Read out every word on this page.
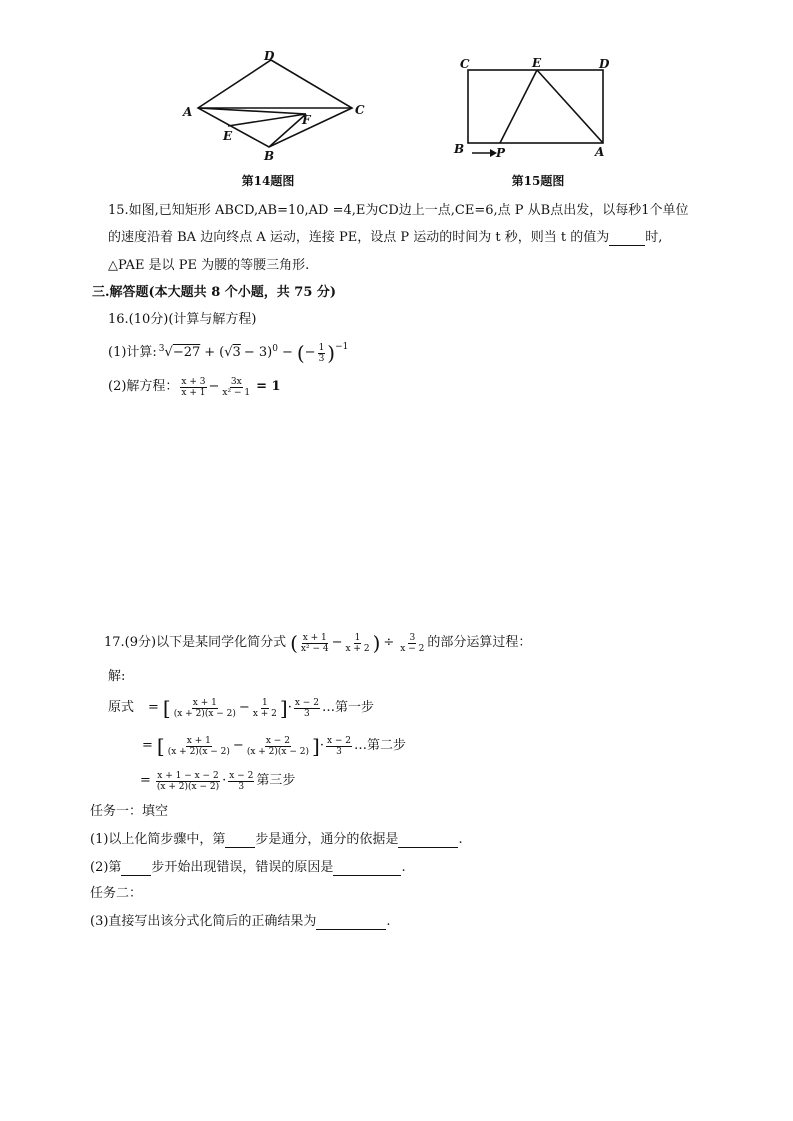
D
A	C
E
F
B
第14题图
C	E	D
B	P	A
第15题图
15.如图,已知矩形 ABCD,AB=10,AD =4,E为CD边上一点,CE=6,点 P 从B点出发，以每秒1个单位
的速度沿着 BA 边向终点 A 运动，连接 PE，设点 P 运动的时间为 t 秒，则当 t 的值为	时,
△PAE 是以 PE 为腰的等腰三角形.
三.解答题(本大题共 8 个小题，共 75 分)
16.(10分)(计算与解方程)
(1)计算:$^3$ √ −27 + ( √ 3 − 3)$^0$ − ( − $\frac{1}{3} )^{-1}$
(2)解方程： $\frac{x + 3}{x + 1} - \frac{3x}{\text{x² − 1}} = 1$
17.(9分)以下是某同学化简分式 ( $\frac{x + 1}{\text{x² − 4}} - \frac{1}{x + 2}$ ) ÷ $\frac{3}{x - 2}$ 的部分运算过程：
解:
原式 = [ $\frac{x + 1}{(x + 2)(x - 2)} - \frac{1}{x + 2}$ ] · $\frac{x - 2}{3}$ …第一步
= [ $\frac{x + 1}{(x + 2)(x - 2)} - \frac{x - 2}{(x + 2)(x - 2)}$ ] · $\frac{x - 2}{3}$ …第二步
= $\frac{x + 1 - x - 2}{(x + 2)(x - 2)} \cdot \frac{x - 2}{3}$ 第三步
任务一：填空
(1)以上化简步骤中，第 步是通分，通分的依据是	.
(2)第 步开始出现错误，错误的原因是	.
任务二：
(3)直接写出该分式化简后的正确结果为	.
